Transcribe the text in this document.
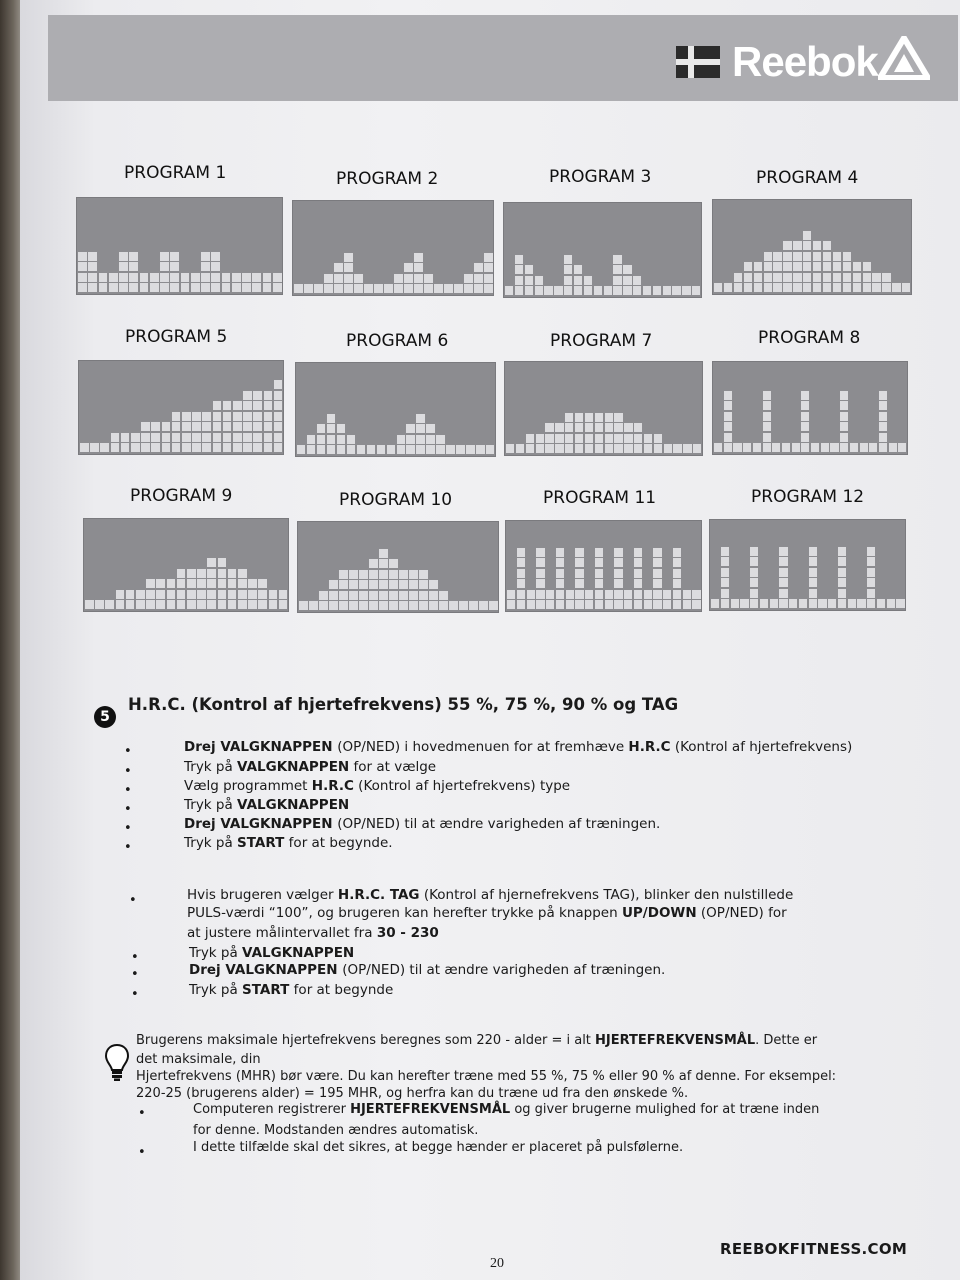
Reebok
PROGRAM 1	PROGRAM 2	PROGRAM 3	PROGRAM 4
PROGRAM 5	PROGRAM 6	PROGRAM 7	PROGRAM 8
PROGRAM 9	PROGRAM 10	PROGRAM 11	PROGRAM 12
5
H.R.C. (Kontrol af hjertefrekvens) 55 %, 75 %, 90 % og TAG
•	Drej VALGKNAPPEN (OP/NED) i hovedmenuen for at fremhæve H.R.C (Kontrol af hjertefrekvens)
•	Tryk på VALGKNAPPEN for at vælge
•	Vælg programmet H.R.C (Kontrol af hjertefrekvens) type
•	Tryk på VALGKNAPPEN
•	Drej VALGKNAPPEN (OP/NED) til at ændre varigheden af træningen.
•	Tryk på START for at begynde.
•	Hvis brugeren vælger H.R.C. TAG (Kontrol af hjernefrekvens TAG), blinker den nulstillede
PULS-værdi “100”, og brugeren kan herefter trykke på knappen UP/DOWN (OP/NED) for
at justere målintervallet fra 30 - 230
•	Tryk på VALGKNAPPEN
•	Drej VALGKNAPPEN (OP/NED) til at ændre varigheden af træningen.
•	Tryk på START for at begynde
Brugerens maksimale hjertefrekvens beregnes som 220 - alder = i alt HJERTEFREKVENSMÅL. Dette er
det maksimale, din
Hjertefrekvens (MHR) bør være. Du kan herefter træne med 55 %, 75 % eller 90 % af denne. For eksempel:
220-25 (brugerens alder) = 195 MHR, og herfra kan du træne ud fra den ønskede %.
•	Computeren registrerer HJERTEFREKVENSMÅL og giver brugerne mulighed for at træne inden
for denne. Modstanden ændres automatisk.
•	I dette tilfælde skal det sikres, at begge hænder er placeret på pulsfølerne.
REEBOKFITNESS.COM
20
